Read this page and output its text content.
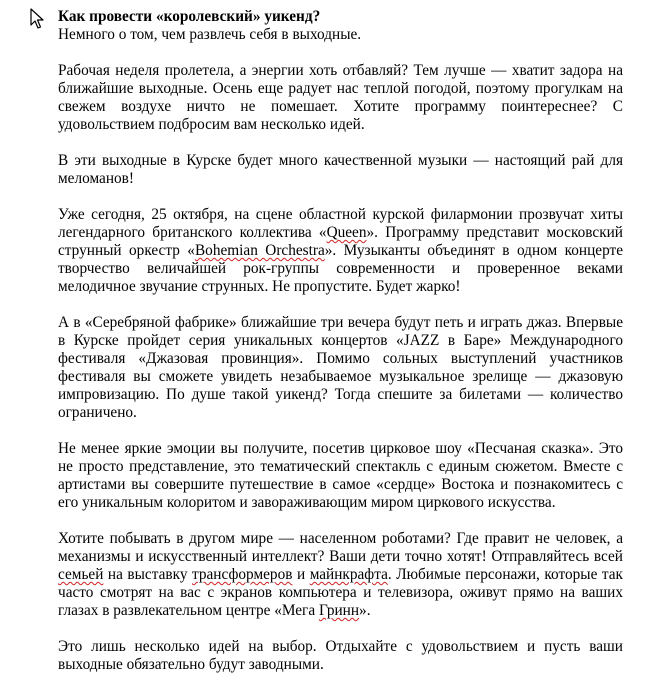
Как провести «королевский» уикенд?
Немного о том, чем развлечь себя в выходные.

Рабочая неделя пролетела, а энергии хоть отбавляй? Тем лучше — хватит задора на ближайшие выходные. Осень еще радует нас теплой погодой, поэтому прогулкам на свежем воздухе ничто не помешает. Хотите программу поинтереснее? С удовольствием подбросим вам несколько идей.

В эти выходные в Курске будет много качественной музыки — настоящий рай для меломанов!

Уже сегодня, 25 октября, на сцене областной курской филармонии прозвучат хиты легендарного британского коллектива «Queen». Программу представит московский струнный оркестр «Bohemian Orchestra». Музыканты объединят в одном концерте творчество величайшей рок-группы современности и проверенное веками мелодичное звучание струнных. Не пропустите. Будет жарко!

А в «Серебряной фабрике» ближайшие три вечера будут петь и играть джаз. Впервые в Курске пройдет серия уникальных концертов «JAZZ в Баре» Международного фестиваля «Джазовая провинция». Помимо сольных выступлений участников фестиваля вы сможете увидеть незабываемое музыкальное зрелище — джазовую импровизацию. По душе такой уикенд? Тогда спешите за билетами — количество ограничено.

Не менее яркие эмоции вы получите, посетив цирковое шоу «Песчаная сказка». Это не просто представление, это тематический спектакль с единым сюжетом. Вместе с артистами вы совершите путешествие в самое «сердце» Востока и познакомитесь с его уникальным колоритом и завораживающим миром циркового искусства.

Хотите побывать в другом мире — населенном роботами? Где правит не человек, а механизмы и искусственный интеллект? Ваши дети точно хотят! Отправляйтесь всей семьей на выставку трансформеров и майнкрафта. Любимые персонажи, которые так часто смотрят на вас с экранов компьютера и телевизора, оживут прямо на ваших глазах в развлекательном центре «Мега Гринн».

Это лишь несколько идей на выбор. Отдыхайте с удовольствием и пусть ваши выходные обязательно будут заводными.
